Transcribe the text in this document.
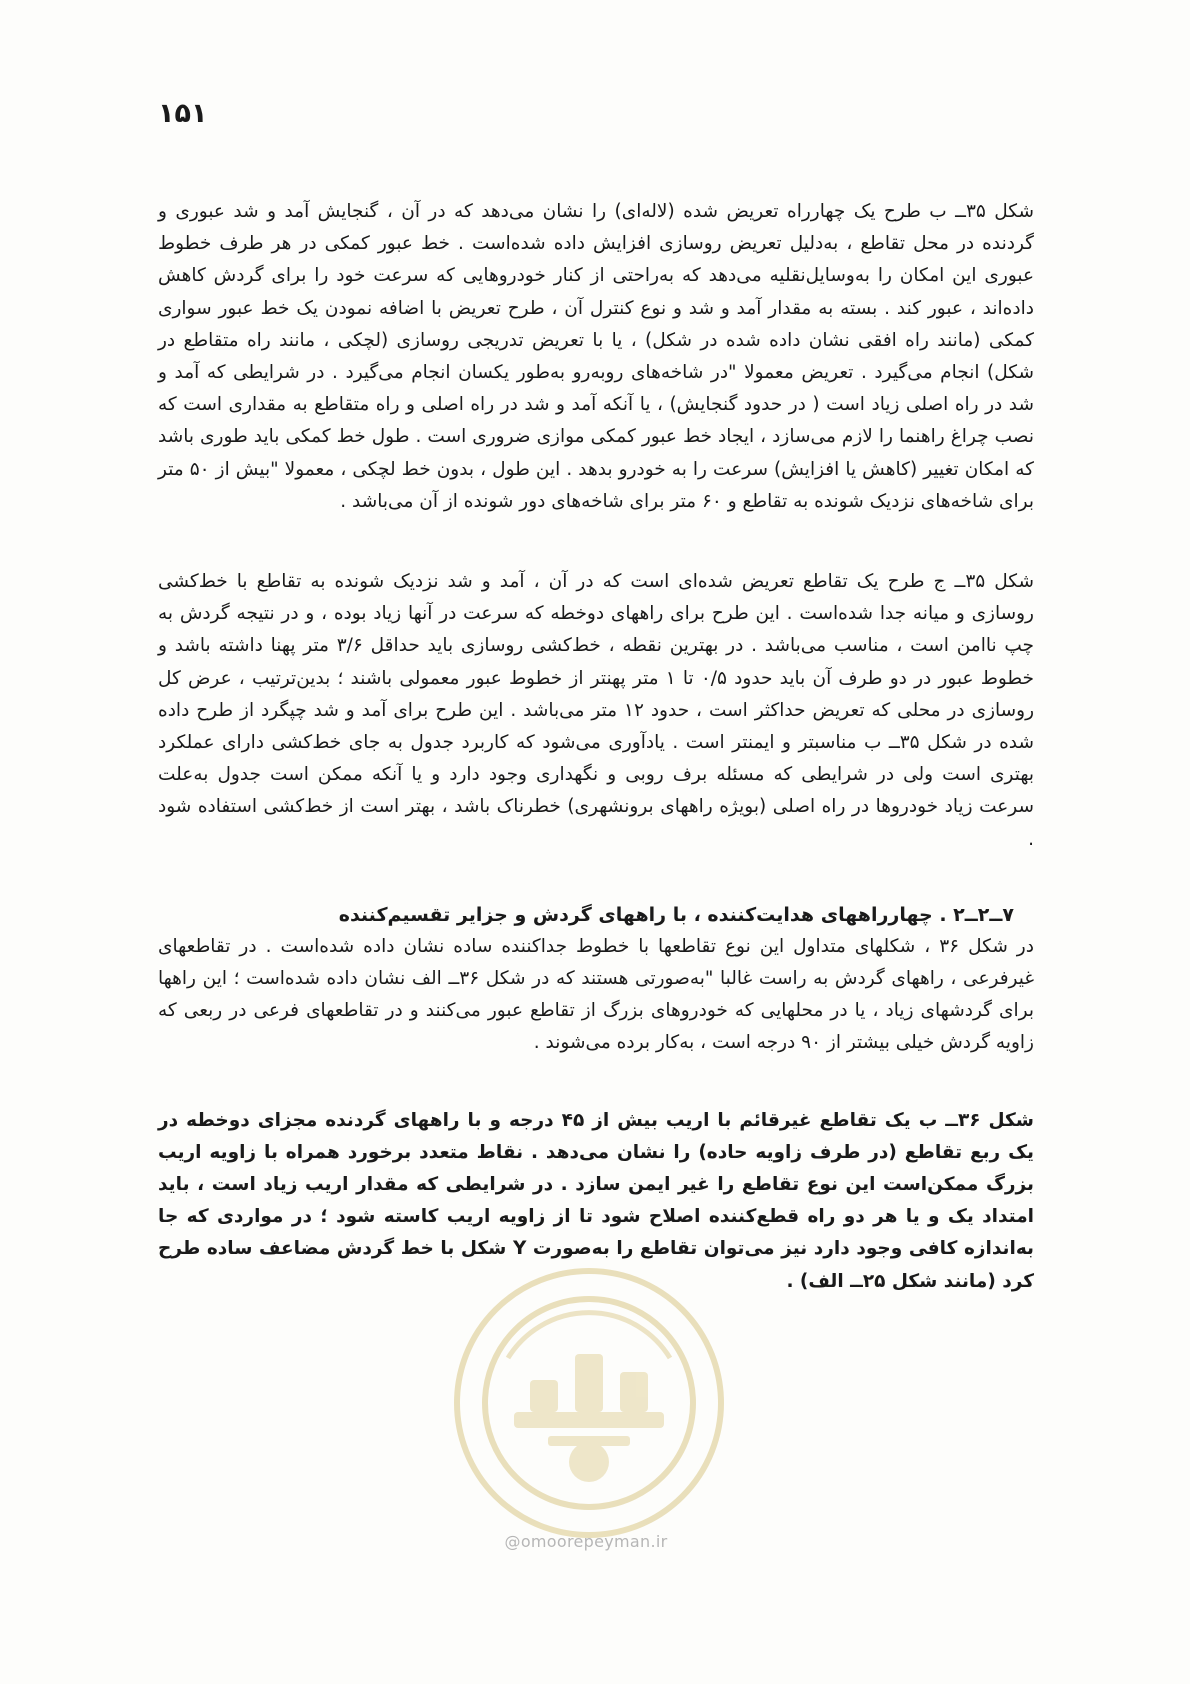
۱۵۱

شکل ۳۵ــ ب طرح یک چهارراه تعریض شده (لاله‌ای) را نشان می‌دهد که در آن ، گنجایش آمد و شد عبوری و گردنده در محل تقاطع ، به‌دلیل تعریض روسازی افزایش داده شده‌است . خط عبور کمکی در هر طرف خطوط عبوری این امکان را به‌وسایل‌نقلیه می‌دهد که به‌راحتی از کنار خودروهایی که سرعت خود را برای گردش کاهش داده‌اند ، عبور کند . بسته به مقدار آمد و شد و نوع کنترل آن ، طرح تعریض با اضافه نمودن یک خط عبور سواری کمکی (مانند راه افقی نشان داده شده در شکل) ، یا با تعریض تدریجی روسازی (لچکی ، مانند راه متقاطع در شکل) انجام می‌گیرد . تعریض معمولا "در شاخه‌های روبه‌رو به‌طور یکسان انجام می‌گیرد . در شرایطی که آمد و شد در راه اصلی زیاد است ( در حدود گنجایش) ، یا آنکه آمد و شد در راه اصلی و راه متقاطع به مقداری است که نصب چراغ راهنما را لازم می‌سازد ، ایجاد خط عبور کمکی موازی ضروری است . طول خط کمکی باید طوری باشد که امکان تغییر (کاهش یا افزایش) سرعت را به خودرو بدهد . این طول ، بدون خط لچکی ، معمولا "بیش از ۵۰ متر برای شاخه‌های نزدیک شونده به تقاطع و ۶۰ متر برای شاخه‌های دور شونده از آن می‌باشد .

شکل ۳۵ــ ج طرح یک تقاطع تعریض شده‌ای است که در آن ، آمد و شد نزدیک شونده به تقاطع با خط‌کشی روسازی و میانه جدا شده‌است . این طرح برای راههای دوخطه که سرعت در آنها زیاد بوده ، و در نتیجه گردش به چپ ناامن است ، مناسب می‌باشد . در بهترین نقطه ، خط‌کشی روسازی باید حداقل ۳/۶ متر پهنا داشته باشد و خطوط عبور در دو طرف آن باید حدود ۰/۵ تا ۱ متر پهنتر از خطوط عبور معمولی باشند ؛ بدین‌ترتیب ، عرض کل روسازی در محلی که تعریض حداکثر است ، حدود ۱۲ متر می‌باشد . این طرح برای آمد و شد چپگرد از طرح داده شده در شکل ۳۵ــ ب مناسبتر و ایمنتر است . یادآوری می‌شود که کاربرد جدول به جای خط‌کشی دارای عملکرد بهتری است ولی در شرایطی که مسئله برف روبی و نگهداری وجود دارد و یا آنکه ممکن است جدول به‌علت سرعت زیاد خودروها در راه اصلی (بویژه راههای برونشهری) خطرناک باشد ، بهتر است از خط‌کشی استفاده شود .

۷ــ۲ــ۲ . چهارراههای هدایت‌کننده ، با راههای گردش و جزایر تقسیم‌کننده

در شکل ۳۶ ، شکلهای متداول این نوع تقاطعها با خطوط جداکننده ساده نشان داده شده‌است . در تقاطعهای غیرفرعی ، راههای گردش به راست غالبا "به‌صورتی هستند که در شکل ۳۶ــ الف نشان داده شده‌است ؛ این راهها برای گردشهای زیاد ، یا در محلهایی که خودروهای بزرگ از تقاطع عبور می‌کنند و در تقاطعهای فرعی در ربعی که زاویه گردش خیلی بیشتر از ۹۰ درجه است ، به‌کار برده می‌شوند .

شکل ۳۶ــ ب یک تقاطع غیرقائم با اریب بیش از ۴۵ درجه و با راههای گردنده مجزای دوخطه در یک ربع تقاطع (در طرف زاویه حاده) را نشان می‌دهد . نقاط متعدد برخورد همراه با زاویه اریب بزرگ ممکن‌است این نوع تقاطع را غیر ایمن سازد . در شرایطی که مقدار اریب زیاد است ، باید امتداد یک و یا هر دو راه قطع‌کننده اصلاح شود تا از زاویه اریب کاسته شود ؛ در مواردی که جا به‌اندازه کافی وجود دارد نیز می‌توان تقاطع را به‌صورت Y شکل با خط گردش مضاعف ساده طرح کرد (مانند شکل ۲۵ــ الف) .

@omoorepeyman.ir
